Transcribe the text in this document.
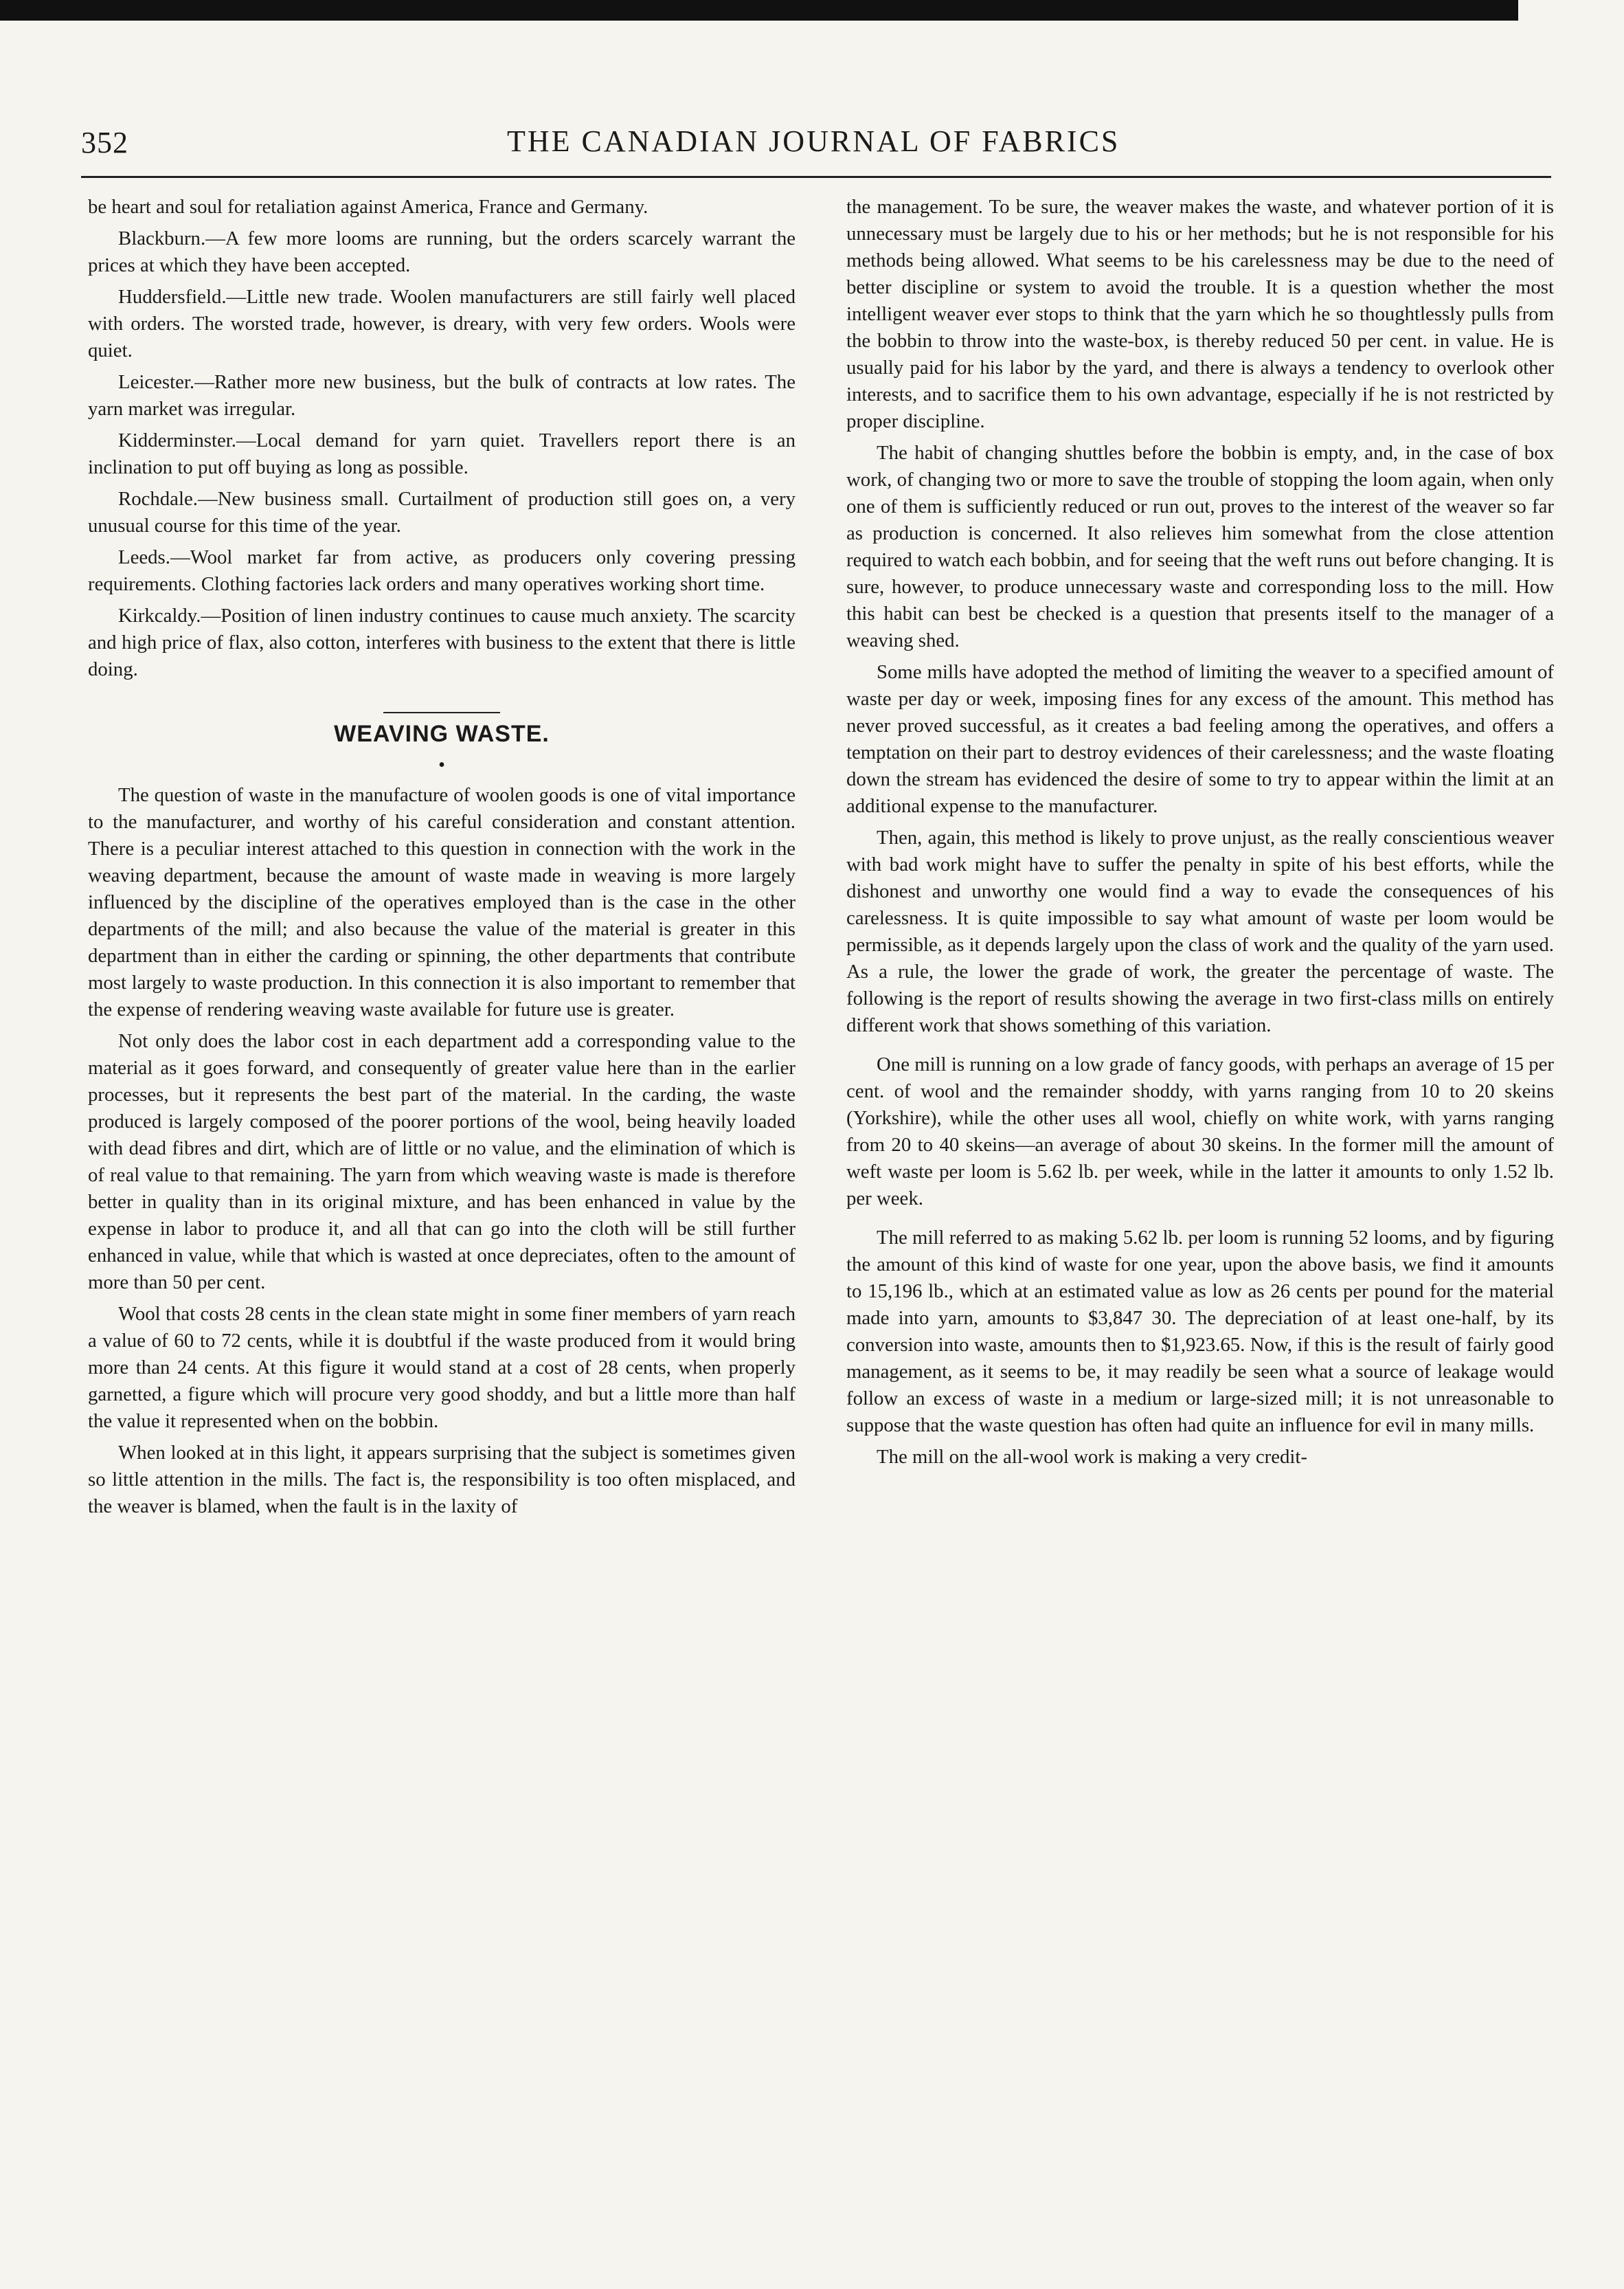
352	THE CANADIAN JOURNAL OF FABRICS

be heart and soul for retaliation against America, France and Germany.

Blackburn.—A few more looms are running, but the orders scarcely warrant the prices at which they have been accepted.

Huddersfield.—Little new trade. Woolen manufacturers are still fairly well placed with orders. The worsted trade, however, is dreary, with very few orders. Wools were quiet.

Leicester.—Rather more new business, but the bulk of contracts at low rates. The yarn market was irregular.

Kidderminster.—Local demand for yarn quiet. Travellers report there is an inclination to put off buying as long as possible.

Rochdale.—New business small. Curtailment of production still goes on, a very unusual course for this time of the year.

Leeds.—Wool market far from active, as producers only covering pressing requirements. Clothing factories lack orders and many operatives working short time.

Kirkcaldy.—Position of linen industry continues to cause much anxiety. The scarcity and high price of flax, also cotton, interferes with business to the extent that there is little doing.

WEAVING WASTE.
•

The question of waste in the manufacture of woolen goods is one of vital importance to the manufacturer, and worthy of his careful consideration and constant attention. There is a peculiar interest attached to this question in connection with the work in the weaving department, because the amount of waste made in weaving is more largely influenced by the discipline of the operatives employed than is the case in the other departments of the mill; and also because the value of the material is greater in this department than in either the carding or spinning, the other departments that contribute most largely to waste production. In this connection it is also important to remember that the expense of rendering weaving waste available for future use is greater.

Not only does the labor cost in each department add a corresponding value to the material as it goes forward, and consequently of greater value here than in the earlier processes, but it represents the best part of the material. In the carding, the waste produced is largely composed of the poorer portions of the wool, being heavily loaded with dead fibres and dirt, which are of little or no value, and the elimination of which is of real value to that remaining. The yarn from which weaving waste is made is therefore better in quality than in its original mixture, and has been enhanced in value by the expense in labor to produce it, and all that can go into the cloth will be still further enhanced in value, while that which is wasted at once depreciates, often to the amount of more than 50 per cent.

Wool that costs 28 cents in the clean state might in some finer members of yarn reach a value of 60 to 72 cents, while it is doubtful if the waste produced from it would bring more than 24 cents. At this figure it would stand at a cost of 28 cents, when properly garnetted, a figure which will procure very good shoddy, and but a little more than half the value it represented when on the bobbin.

When looked at in this light, it appears surprising that the subject is sometimes given so little attention in the mills. The fact is, the responsibility is too often misplaced, and the weaver is blamed, when the fault is in the laxity of

the management. To be sure, the weaver makes the waste, and whatever portion of it is unnecessary must be largely due to his or her methods; but he is not responsible for his methods being allowed. What seems to be his carelessness may be due to the need of better discipline or system to avoid the trouble. It is a question whether the most intelligent weaver ever stops to think that the yarn which he so thoughtlessly pulls from the bobbin to throw into the waste-box, is thereby reduced 50 per cent. in value. He is usually paid for his labor by the yard, and there is always a tendency to overlook other interests, and to sacrifice them to his own advantage, especially if he is not restricted by proper discipline.

The habit of changing shuttles before the bobbin is empty, and, in the case of box work, of changing two or more to save the trouble of stopping the loom again, when only one of them is sufficiently reduced or run out, proves to the interest of the weaver so far as production is concerned. It also relieves him somewhat from the close attention required to watch each bobbin, and for seeing that the weft runs out before changing. It is sure, however, to produce unnecessary waste and corresponding loss to the mill. How this habit can best be checked is a question that presents itself to the manager of a weaving shed.

Some mills have adopted the method of limiting the weaver to a specified amount of waste per day or week, imposing fines for any excess of the amount. This method has never proved successful, as it creates a bad feeling among the operatives, and offers a temptation on their part to destroy evidences of their carelessness; and the waste floating down the stream has evidenced the desire of some to try to appear within the limit at an additional expense to the manufacturer.

Then, again, this method is likely to prove unjust, as the really conscientious weaver with bad work might have to suffer the penalty in spite of his best efforts, while the dishonest and unworthy one would find a way to evade the consequences of his carelessness. It is quite impossible to say what amount of waste per loom would be permissible, as it depends largely upon the class of work and the quality of the yarn used. As a rule, the lower the grade of work, the greater the percentage of waste. The following is the report of results showing the average in two first-class mills on entirely different work that shows something of this variation.

One mill is running on a low grade of fancy goods, with perhaps an average of 15 per cent. of wool and the remainder shoddy, with yarns ranging from 10 to 20 skeins (Yorkshire), while the other uses all wool, chiefly on white work, with yarns ranging from 20 to 40 skeins—an average of about 30 skeins. In the former mill the amount of weft waste per loom is 5.62 lb. per week, while in the latter it amounts to only 1.52 lb. per week.

The mill referred to as making 5.62 lb. per loom is running 52 looms, and by figuring the amount of this kind of waste for one year, upon the above basis, we find it amounts to 15,196 lb., which at an estimated value as low as 26 cents per pound for the material made into yarn, amounts to $3,847 30. The depreciation of at least one-half, by its conversion into waste, amounts then to $1,923.65. Now, if this is the result of fairly good management, as it seems to be, it may readily be seen what a source of leakage would follow an excess of waste in a medium or large-sized mill; it is not unreasonable to suppose that the waste question has often had quite an influence for evil in many mills.

The mill on the all-wool work is making a very credit-
